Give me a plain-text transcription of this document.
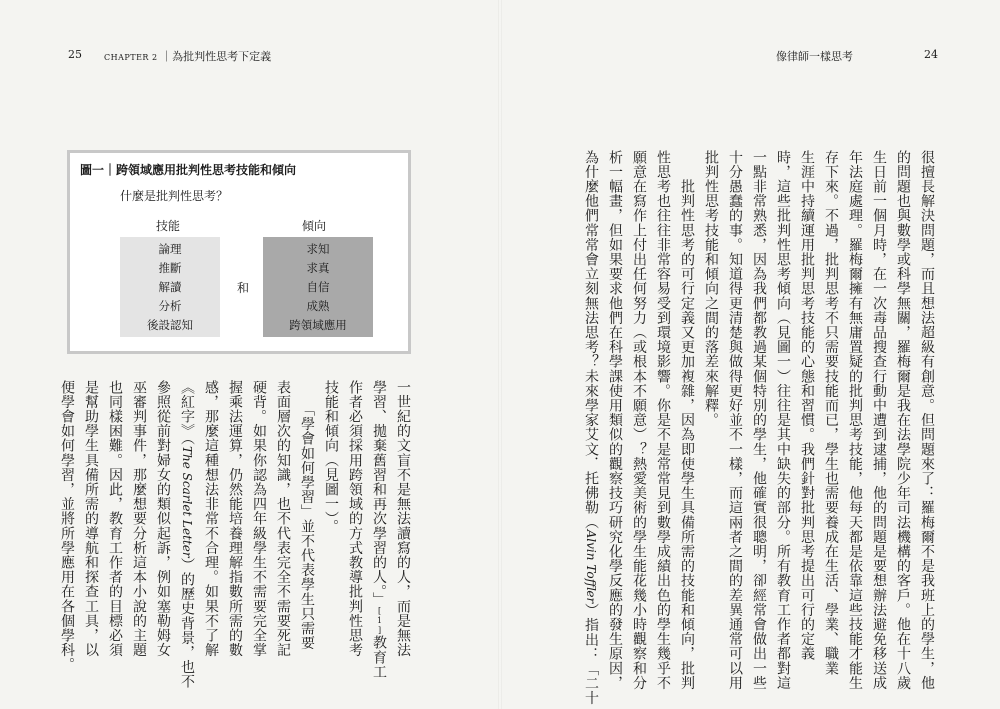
25	CHAPTER 2 ｜為批判性思考下定義
圖一｜跨領域應用批判性思考技能和傾向
什麼是批判性思考？
技能	傾向
論理
推斷
解讀
分析
後設認知
和
求知
求真
自信
成熟
跨領域應用
一世紀的文盲不是無法讀寫的人，而是無法
學習、拋棄舊習和再次學習的人。」[1]教育工
作者必須採用跨領域的方式教導批判性思考
技能和傾向（見圖一）。
　　「學會如何學習」並不代表學生只需要
表面層次的知識，也不代表完全不需要死記
硬背。如果你認為四年級學生不需要完全掌
握乘法運算，仍然能培養理解指數所需的數
感，那麼這種想法非常不合理。如果不了解
《紅字》（The Scarlet Letter）的歷史背景，也不
參照從前對婦女的類似起訴，例如塞勒姆女
巫審判事件，那麼想要分析這本小說的主題
也同樣困難。因此，教育工作者的目標必須
是幫助學生具備所需的導航和探查工具，以
便學會如何學習，並將所學應用在各個學科。
像律師一樣思考	24
很擅長解決問題，而且想法超級有創意。但問題來了：羅梅爾不是我班上的學生，他
的問題也與數學或科學無關，羅梅爾是我在法學院少年司法機構的客戶。他在十八歲
生日前一個月時，在一次毒品搜查行動中遭到逮捕，他的問題是要想辦法避免移送成
年法庭處理。羅梅爾擁有無庸置疑的批判思考技能，他每天都是依靠這些技能才能生
存下來。不過，批判思考不只需要技能而已，學生也需要養成在生活、學業、職業
生涯中持續運用批判思考技能的心態和習慣。我們針對批判思考提出可行的定義
時，這些批判性思考傾向（見圖一）往往是其中缺失的部分。所有教育工作者都對這
一點非常熟悉，因為我們都教過某個特別的學生，他確實很聰明，卻經常會做出一些
十分愚蠢的事。知道得更清楚與做得更好並不一樣，而這兩者之間的差異通常可以用
批判性思考技能和傾向之間的落差來解釋。
　　批判性思考的可行定義又更加複雜，因為即使學生具備所需的技能和傾向，批判
性思考也往往非常容易受到環境影響。你是不是常常見到數學成績出色的學生幾乎不
願意在寫作上付出任何努力（或根本不願意）？熱愛美術的學生能花幾小時觀察和分
析一幅畫，但如果要求他們在科學課使用類似的觀察技巧研究化學反應的發生原因，
為什麼他們常常會立刻無法思考？未來學家艾文．托佛勒（Alvin Toffler）指出：「二十
